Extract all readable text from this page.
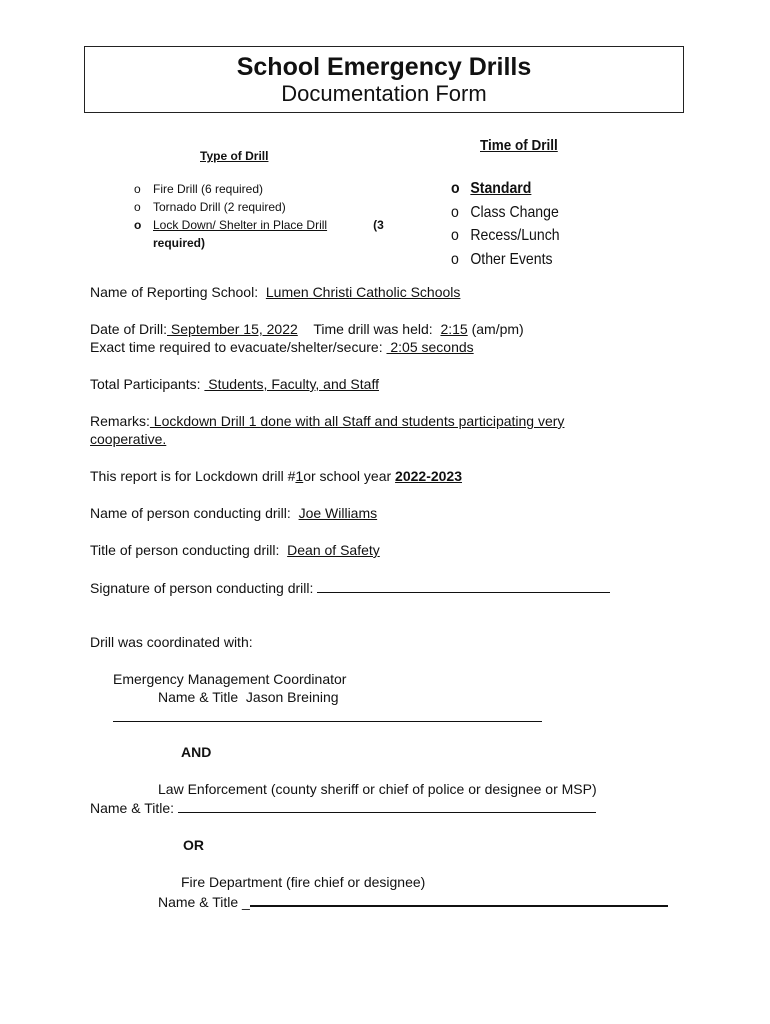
School Emergency Drills
Documentation Form
Type of Drill
o Fire Drill (6 required)
o Tornado Drill (2 required)
o Lock Down/ Shelter in Place Drill	(3
required)
Time of Drill
o Standard
o Class Change
o Recess/Lunch
o Other Events
Name of Reporting School: Lumen Christi Catholic Schools
Date of Drill: September 15, 2022 Time drill was held: 2:15 (am/pm)
Exact time required to evacuate/shelter/secure:  2:05 seconds
Total Participants:  Students, Faculty, and Staff
Remarks: Lockdown Drill 1 done with all Staff and students participating very
cooperative.
This report is for Lockdown drill #1or school year 2022-2023
Name of person conducting drill: Joe Williams
Title of person conducting drill: Dean of Safety
Signature of person conducting drill:
Drill was coordinated with:
Emergency Management Coordinator
Name & Title Jason Breining
AND
Law Enforcement (county sheriff or chief of police or designee or MSP)
Name & Title:
OR
Fire Department (fire chief or designee)
Name & Title _
